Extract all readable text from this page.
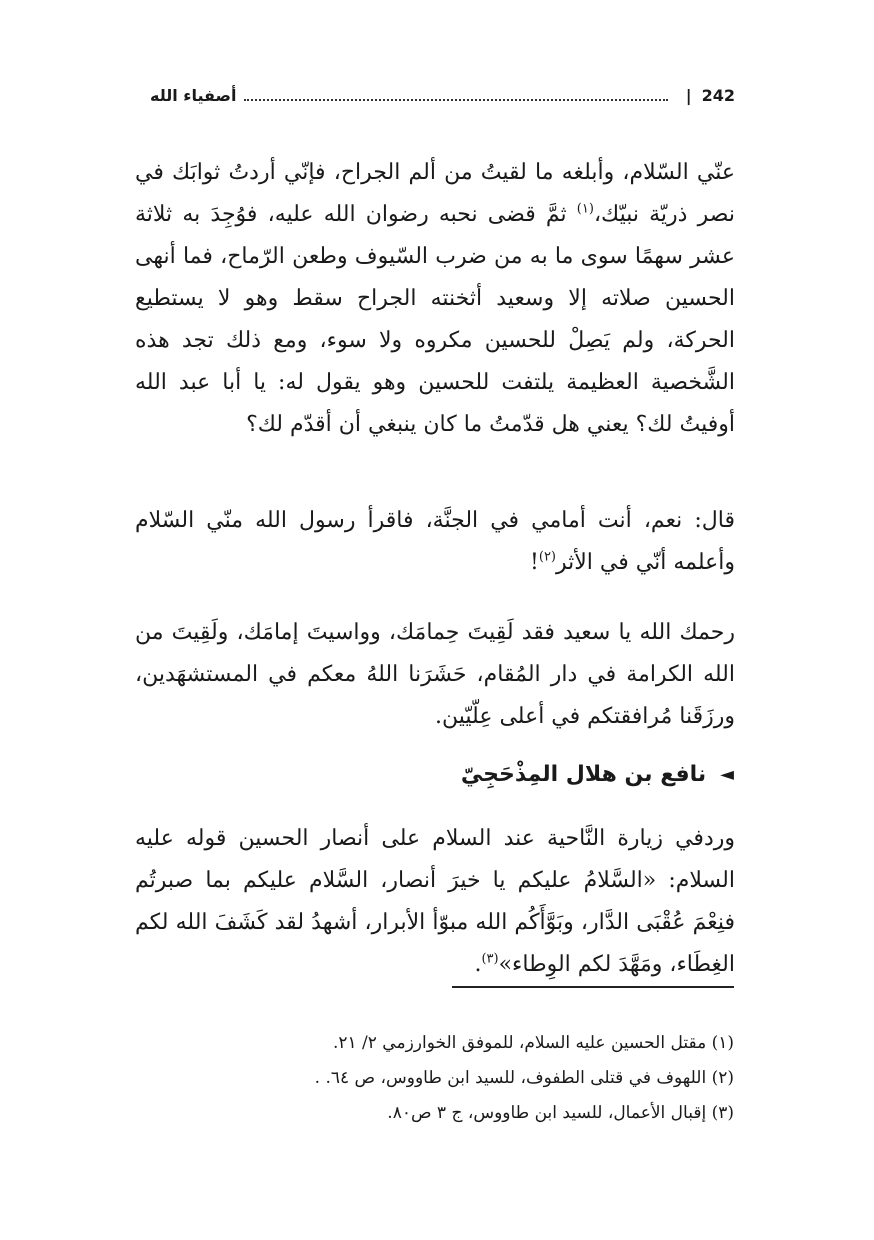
242
|
أصفياء الله

عنّي السّلام، وأبلغه ما لقيتُ من ألم الجراح، فإنّي أردتُ ثوابَك في نصر ذريّة نبيّك،$^{(١)}$ ثمَّ قضى نحبه رضوان الله عليه، فوُجِدَ به ثلاثة عشر سهمًا سوى ما به من ضرب السّيوف وطعن الرّماح، فما أنهى الحسين صلاته إلا وسعيد أثخنته الجراح سقط وهو لا يستطيع الحركة، ولم يَصِلْ للحسين مكروه ولا سوء، ومع ذلك تجد هذه الشَّخصية العظيمة يلتفت للحسين وهو يقول له: يا أبا عبد الله أوفيتُ لك؟ يعني هل قدّمتُ ما كان ينبغي أن أقدّم لك؟

قال: نعم، أنت أمامي في الجنَّة، فاقرأ رسول الله منّي السّلام وأعلمه أنّي في الأثر$^{(٢)}$!

رحمك الله يا سعيد فقد لَقِيتَ حِمامَك، وواسيتَ إمامَك، ولَقِيتَ من الله الكرامة في دار المُقام، حَشَرَنا اللهُ معكم في المستشهَدين، ورزَقَنا مُرافقتكم في أعلى عِلّيّين.

◄
نافع بن هلال المِذْحَجِيّ

وردفي زيارة النَّاحية عند السلام على أنصار الحسين قوله عليه السلام: «السَّلامُ عليكم يا خيرَ أنصار، السَّلام عليكم بما صبرتُم فنِعْمَ عُقْبَى الدَّار، وبَوَّأَكُم الله مبوّأ الأبرار، أشهدُ لقد كَشَفَ الله لكم الغِطَاء، ومَهَّدَ لكم الوِطاء»$^{(٣)}$.

(١) مقتل الحسين عليه السلام، للموفق الخوارزمي ٢/ ٢١.
(٢) اللهوف في قتلى الطفوف، للسيد ابن طاووس، ص ٦٤. .
(٣) إقبال الأعمال، للسيد ابن طاووس، ج ٣ ص٨٠.
